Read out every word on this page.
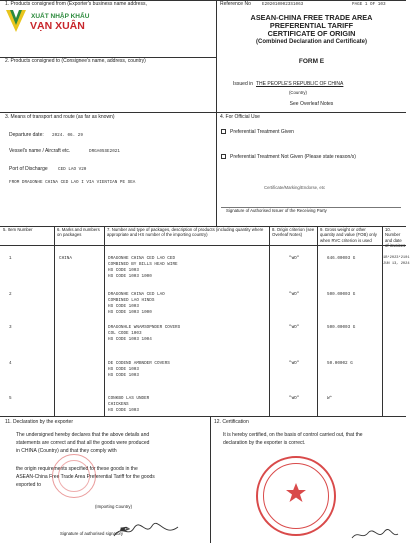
1. Products consigned from (Exporter's business name address,
XUẤT NHẬP KHẨU
VẠN XUÂN
Reference No	E2020100023S1063	PAGE 1 OF 103
ASEAN-CHINA FREE TRADE AREA
PREFERENTIAL TARIFF
CERTIFICATE OF ORIGIN
(Combined Declaration and Certificate)
FORM E
Issued in THE PEOPLE'S REPUBLIC OF CHINA
(Country)
See Overleaf Notes
2. Products consigned to (Consignee's name, address, country)
3. Means of transport and route (as far as known)
Departure date: 2024. 06. 29
Vessel's name / Aircraft etc.	DRGA05SE2021
Port of Discharge CED LAO V20
FROM DRAGONHE CHINA CED LAO I VIA VIENTIAN PE SEA
4. For Official Use
Preferential Treatment Given
Preferential Treatment Not Given (Please state reason/s)
Certificate/Marking/Endorse, etc
Signature of Authorised Issuer of the Receiving Party
5. Item Number	6. Marks and numbers on packages
7. Number and type of packages, description of products (including quantity where appropriate and HS number of the importing country)
8. Origin criterion (see Overleaf Notes)
9. Gross weight or other quantity and value (FOB) only when RVC criterion is used
10. Number and date of invoices
1	CHINA	DRAGONHE CHINA CED LAO CED
COMBINED BY BILLS HEAD WIRE
HS CODE 1003
HS CODE 1003 1000
"WO"	646.00003 G	1B*2023*2101
JUN 13, 2024
2	DRAGONHE CHINA CED LAO
COMBINED LAO HINDS
HS CODE 1003
HS CODE 1003 1000
"WO"	500.00003 G
3	DRAGONHLE WNAMSOPNDER COVERS
COL CODE 1003
HS CODE 1003 1004
"WO"	500.00003 G
4	DE CODEND AMBNDER COVERS
HS CODE 1003
HS CODE 1003
"WO"	50.00002 G
5	CONKBO LAS UNDER
CHICKENS
HS CODE 1003
"WO"	W*
11. Declaration by the exporter
The undersigned hereby declares that the above details and
statements are correct and that all the goods were produced
in CHINA (Country) and that they comply with
the origin requirements specified for these goods in the
ASEAN-China Free Trade Area Preferential Tariff for the goods
exported to
(Importing Country)
Signature of authorised signatory
✒
12. Certification
It is hereby certified, on the basis of control carried out, that the
declaration by the exporter is correct.
